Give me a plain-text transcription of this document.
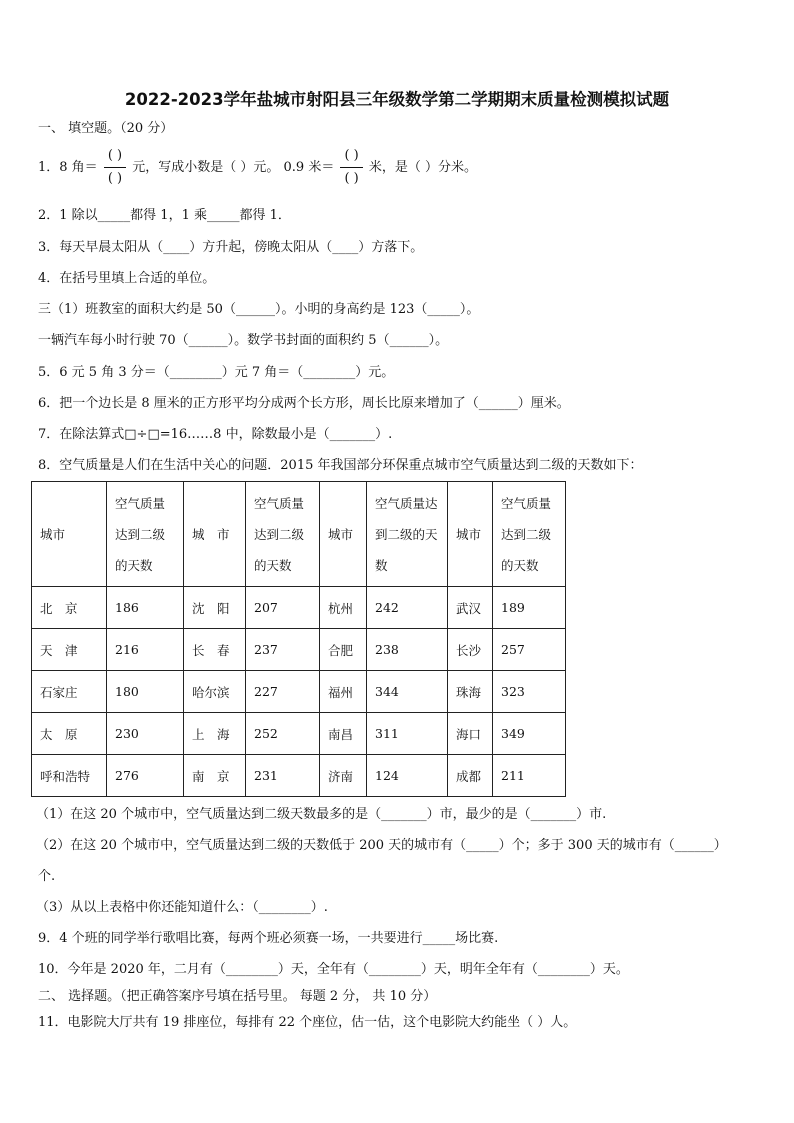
2022-2023学年盐城市射阳县三年级数学第二学期期末质量检测模拟试题
一、 填空题。（20 分）
1．8 角＝ $\frac{( )}{( )}$ 元，写成小数是（ ）元。 0.9 米＝ $\frac{( )}{( )}$ 米，是（ ）分米。
2．1 除以_____都得 1，1 乘_____都得 1．
3．每天早晨太阳从（____）方升起，傍晚太阳从（____）方落下。
4．在括号里填上合适的单位。
三（1）班教室的面积大约是 50（______）。小明的身高约是 123（_____）。
一辆汽车每小时行驶 70（______）。数学书封面的面积约 5（______）。
5．6 元 5 角 3 分＝（________）元 7 角＝（________）元。
6．把一个边长是 8 厘米的正方形平均分成两个长方形，周长比原来增加了（______）厘米。
7．在除法算式□÷□=16……8 中，除数最小是（_______）.
8．空气质量是人们在生活中关心的问题．2015 年我国部分环保重点城市空气质量达到二级的天数如下：
城市	空气质量达到二级的天数	城　市	空气质量达到二级的天数	城市	空气质量达到二级的天数	城市	空气质量达到二级的天数
北　京	186	沈　阳	207	杭州	242	武汉	189
天　津	216	长　春	237	合肥	238	长沙	257
石家庄	180	哈尔滨	227	福州	344	珠海	323
太　原	230	上　海	252	南昌	311	海口	349
呼和浩特	276	南　京	231	济南	124	成都	211
（1）在这 20 个城市中，空气质量达到二级天数最多的是（_______）市，最少的是（_______）市.
（2）在这 20 个城市中，空气质量达到二级的天数低于 200 天的城市有（_____）个；多于 300 天的城市有（______）
个.
（3）从以上表格中你还能知道什么：（________）.
9．4 个班的同学举行歌唱比赛，每两个班必须赛一场，一共要进行_____场比赛.
10．今年是 2020 年，二月有（________）天，全年有（________）天，明年全年有（________）天。
二、 选择题。（把正确答案序号填在括号里。 每题 2 分， 共 10 分）
11．电影院大厅共有 19 排座位，每排有 22 个座位，估一估，这个电影院大约能坐（ ）人。
